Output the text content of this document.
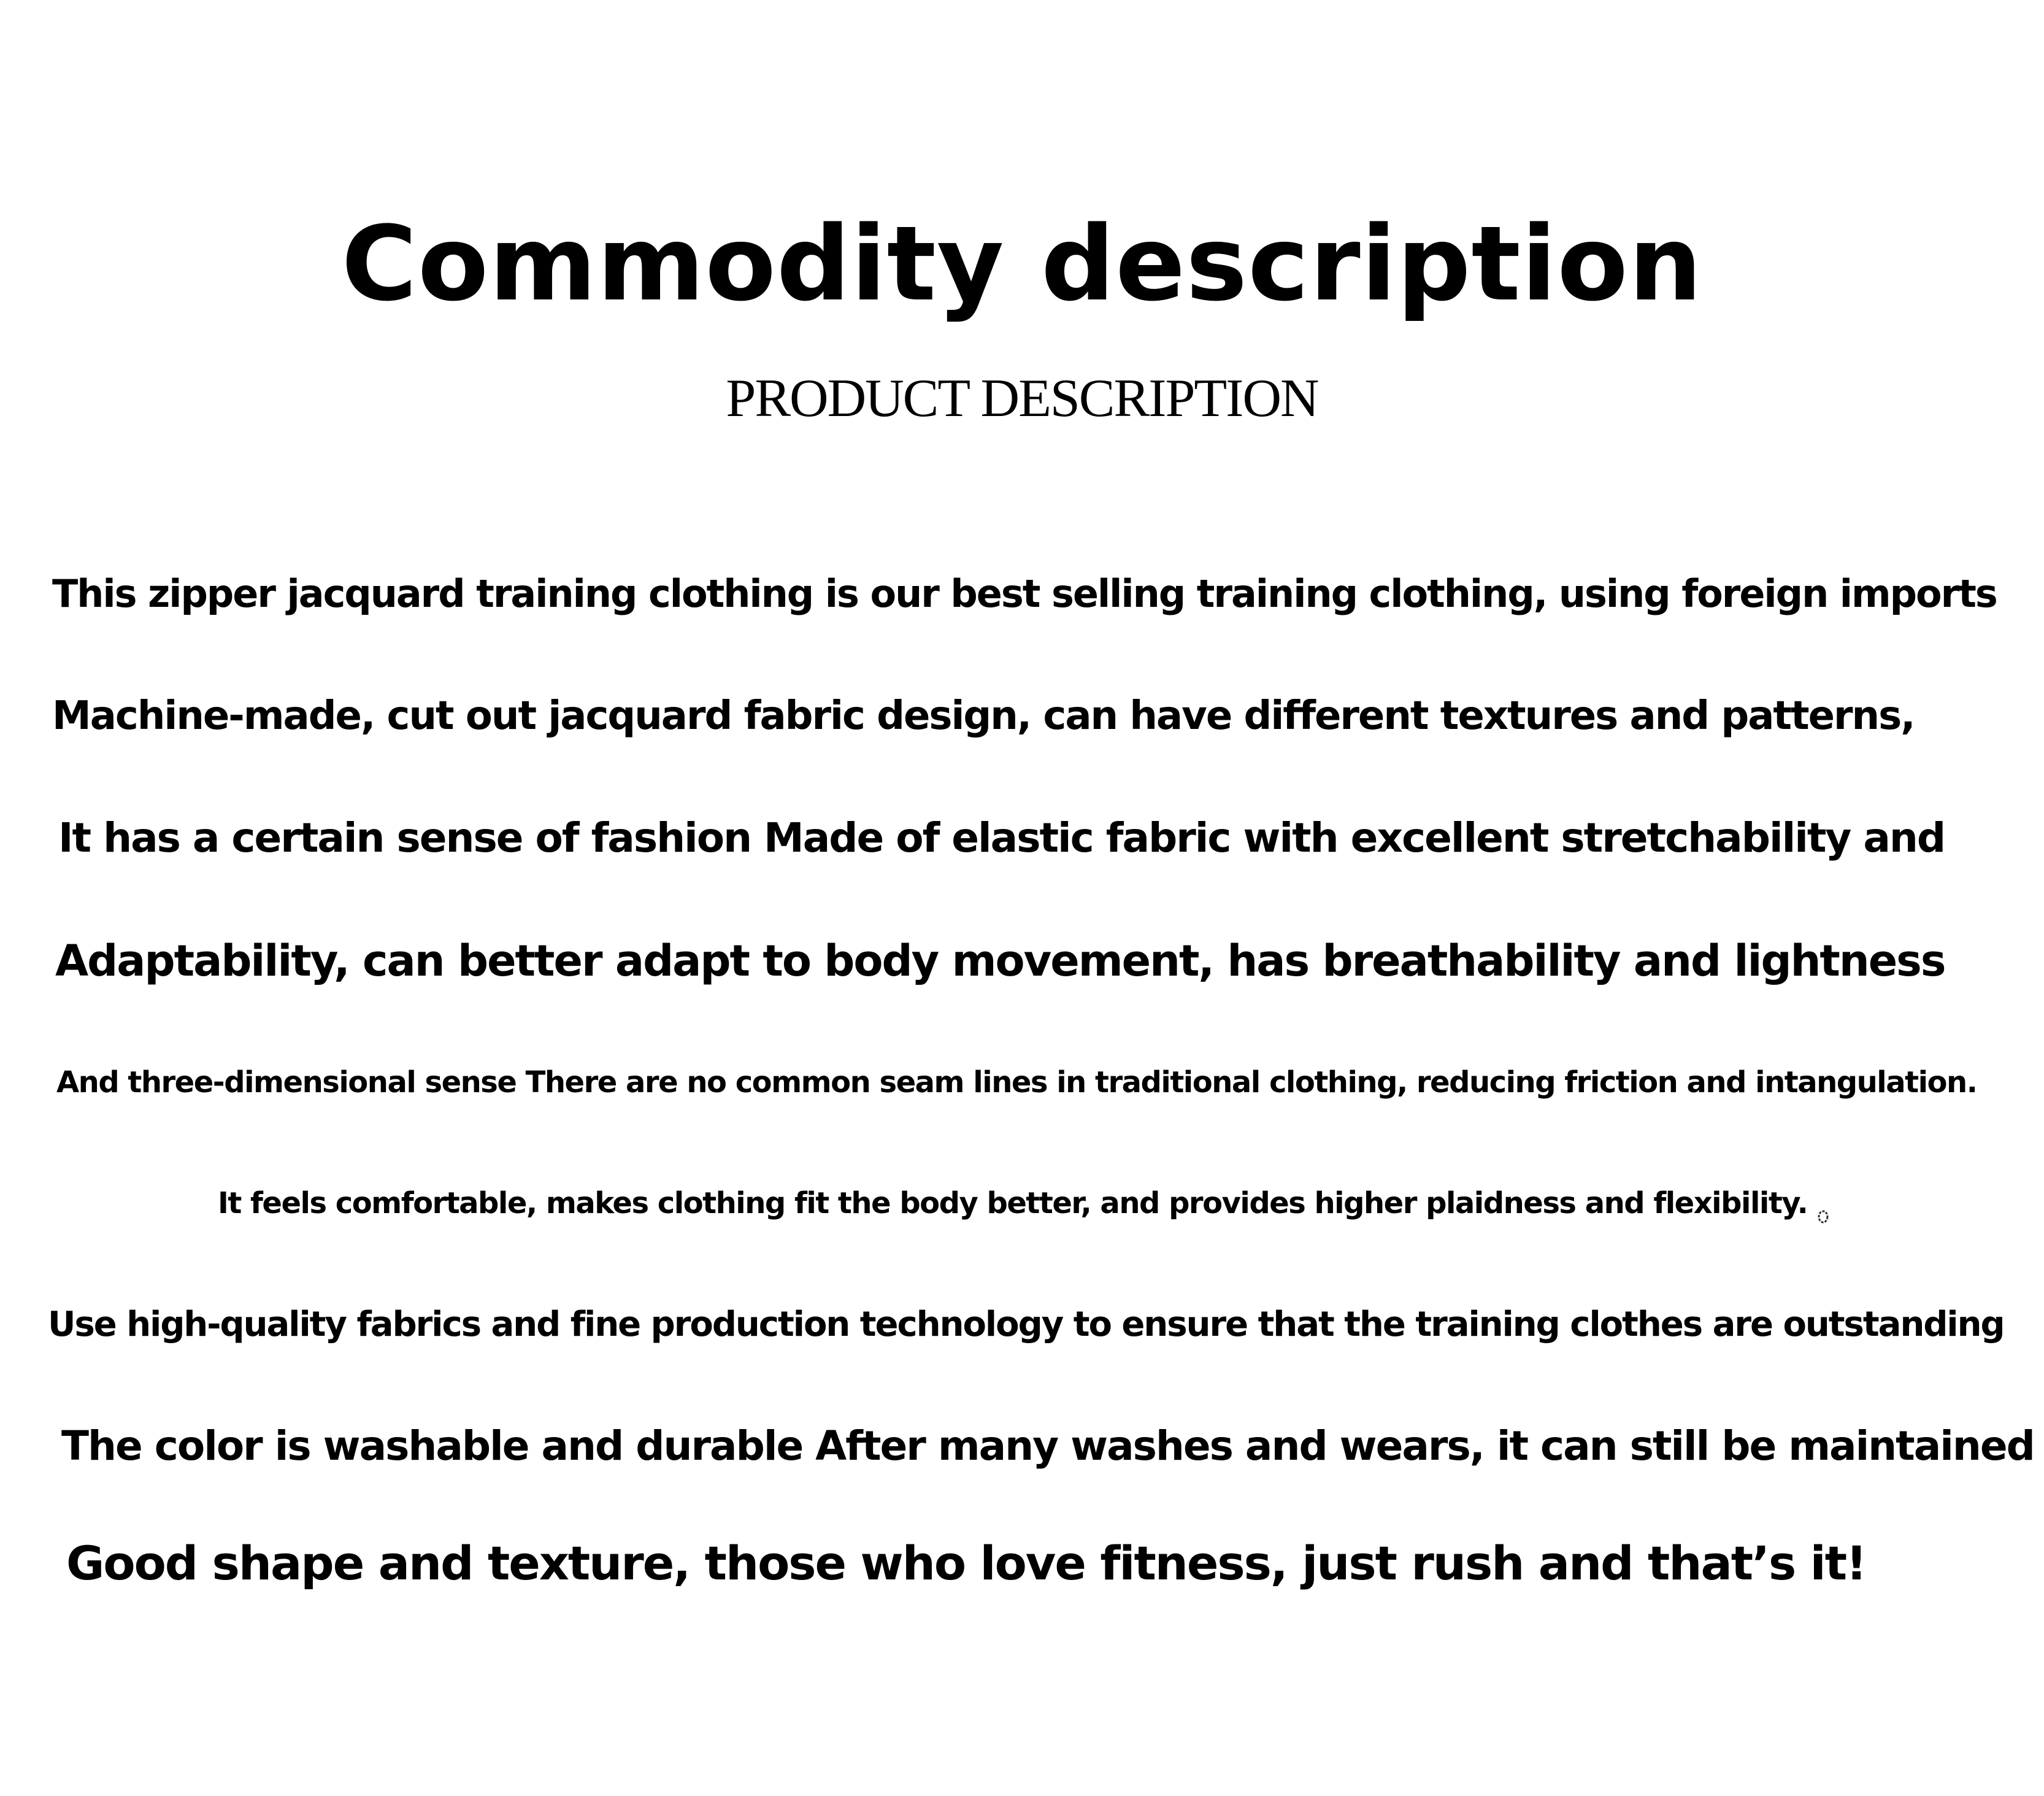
Commodity description
PRODUCT DESCRIPTION

This zipper jacquard training clothing is our best selling training clothing, using foreign imports

Machine-made, cut out jacquard fabric design, can have different textures and patterns,

It has a certain sense of fashion Made of elastic fabric with excellent stretchability and

Adaptability, can better adapt to body movement, has breathability and lightness

And three-dimensional sense There are no common seam lines in traditional clothing, reducing friction and intangulation.

It feels comfortable, makes clothing fit the body better, and provides higher plaidness and flexibility.

Use high-quality fabrics and fine production technology to ensure that the training clothes are outstanding

The color is washable and durable After many washes and wears, it can still be maintained

Good shape and texture, those who love fitness, just rush and that’s it!
